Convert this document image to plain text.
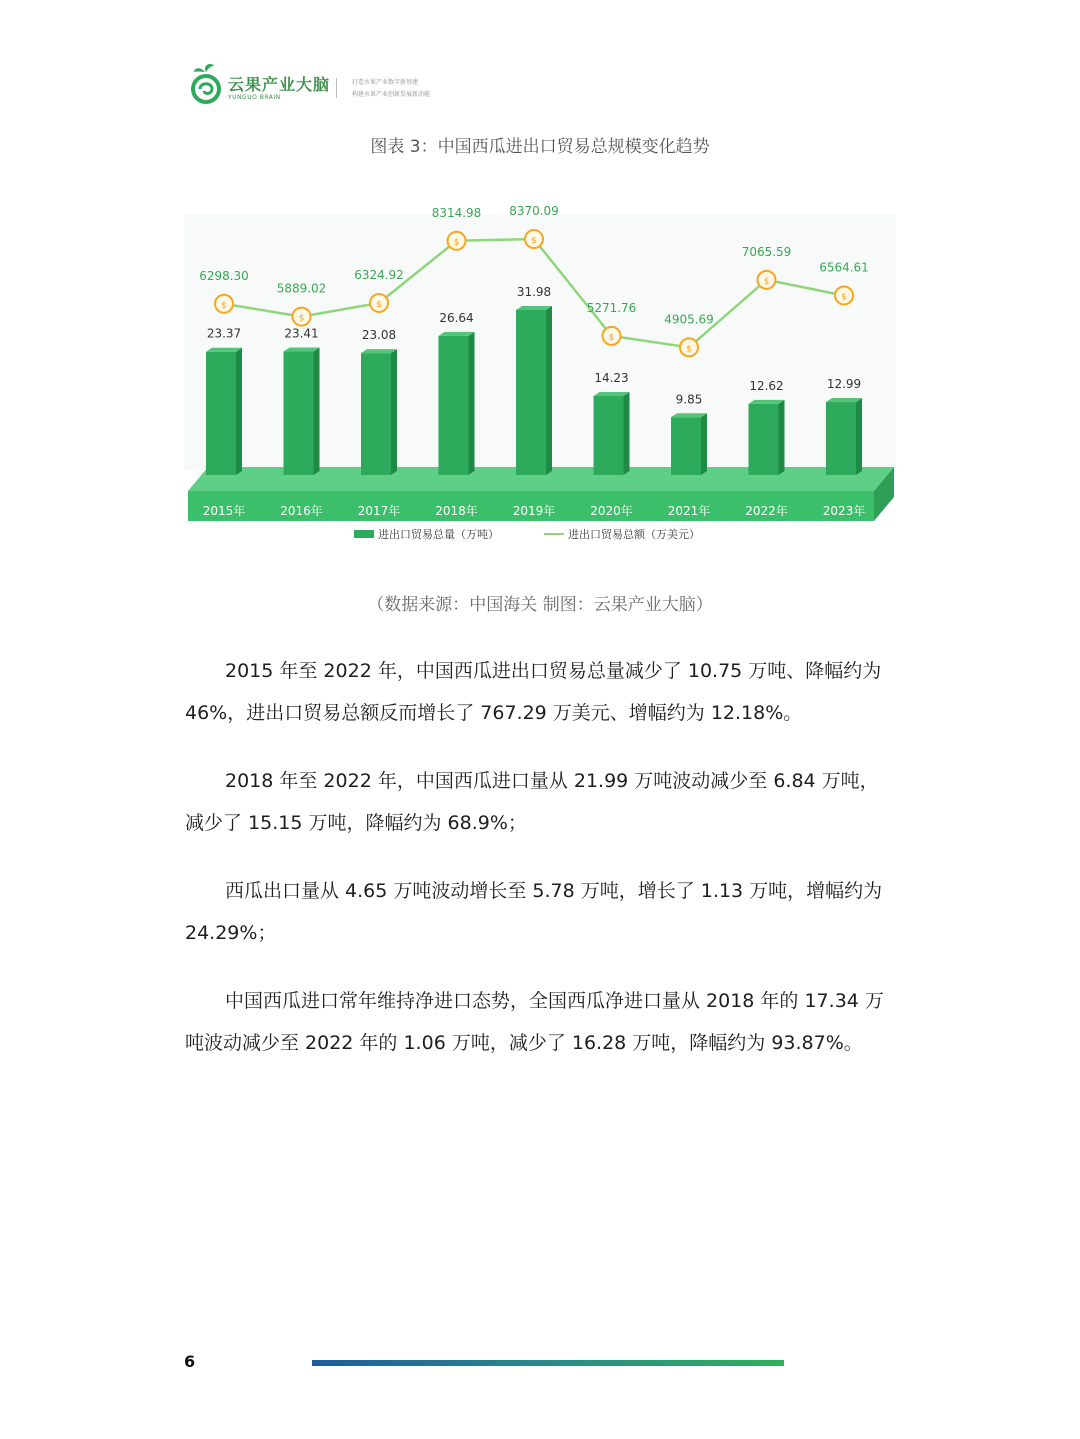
云果产业大脑
YUNGUO BRAIN
打造水果产业数字新基建
构建水果产业创新发展新动能
图表 3：中国西瓜进出口贸易总规模变化趋势
23.37
2015年
23.41
2016年
23.08
2017年
26.64
2018年
31.98
2019年
14.23
2020年
9.85
2021年
12.62
2022年
12.99
2023年
$
6298.30
$
5889.02
$
6324.92
$
8314.98
$
8370.09
$
5271.76
$
4905.69
$
7065.59
$
6564.61
进出口贸易总量（万吨）	进出口贸易总额（万美元）
（数据来源：中国海关 制图：云果产业大脑）

2015 年至 2022 年，中国西瓜进出口贸易总量减少了 10.75 万吨、降幅约为 46%，进出口贸易总额反而增长了 767.29 万美元、增幅约为 12.18%。

2018 年至 2022 年，中国西瓜进口量从 21.99 万吨波动减少至 6.84 万吨，减少了 15.15 万吨，降幅约为 68.9%；

西瓜出口量从 4.65 万吨波动增长至 5.78 万吨，增长了 1.13 万吨，增幅约为 24.29%；

中国西瓜进口常年维持净进口态势，全国西瓜净进口量从 2018 年的 17.34 万吨波动减少至 2022 年的 1.06 万吨，减少了 16.28 万吨，降幅约为 93.87%。

6
